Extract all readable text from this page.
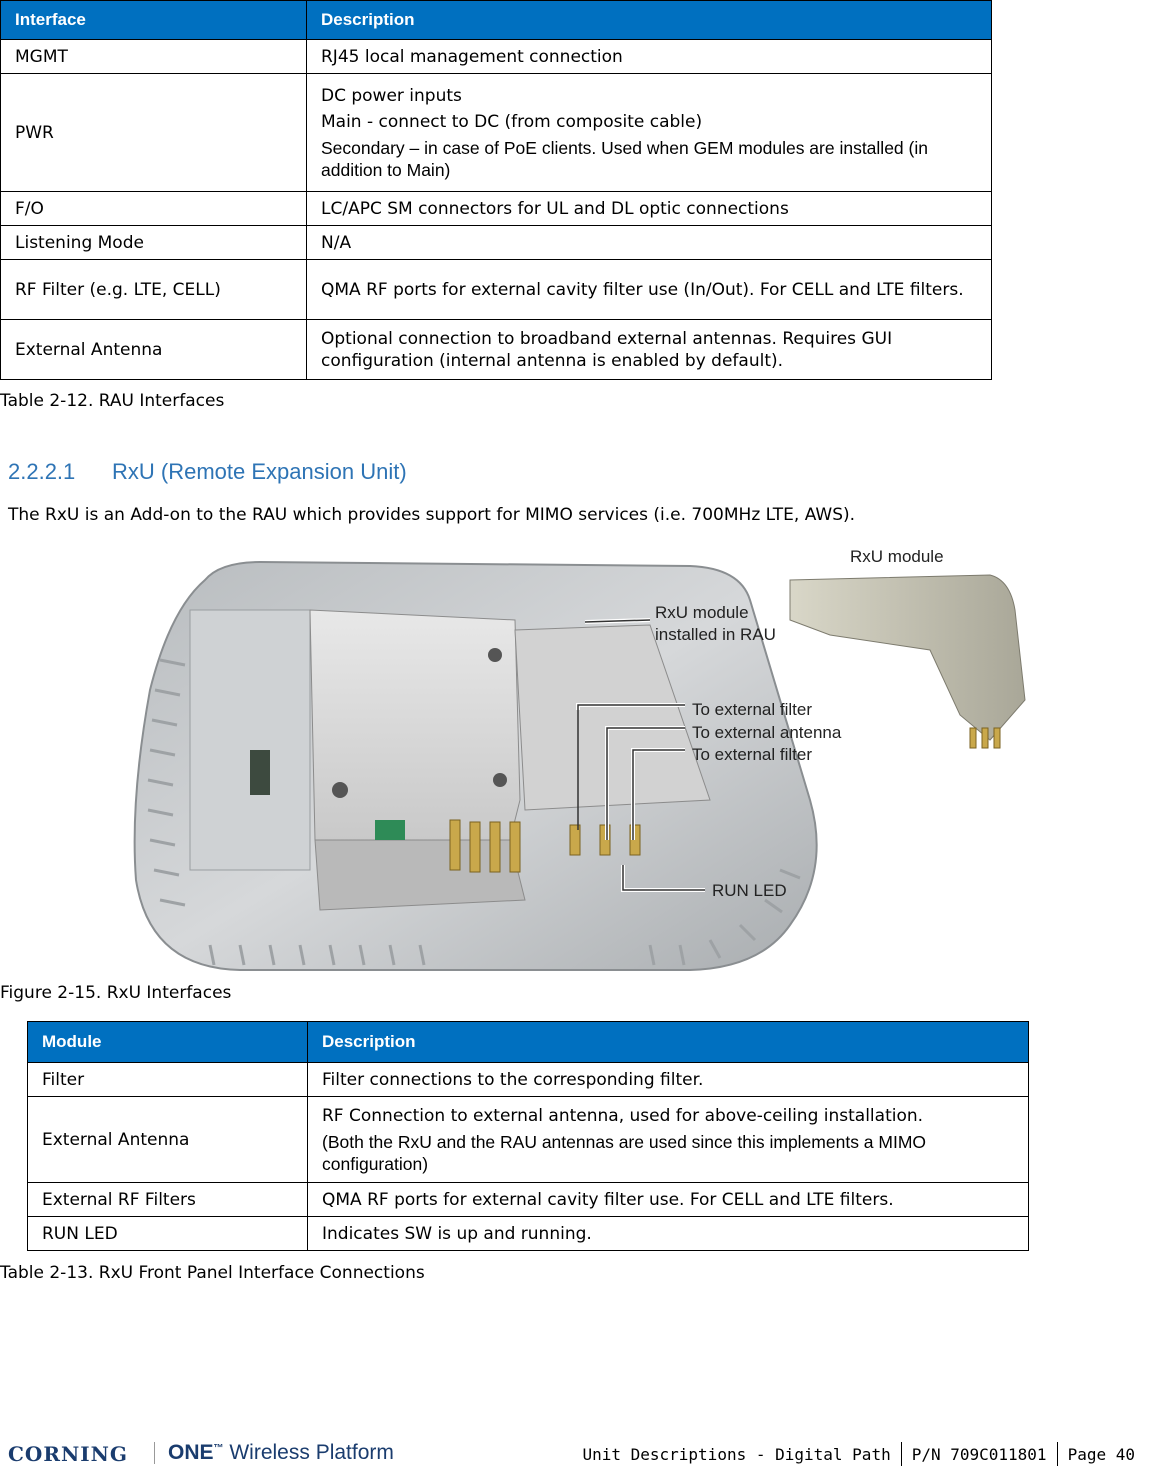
Interface	Description
MGMT	RJ45 local management connection
PWR	DC power inputs

Main - connect to DC (from composite cable)

Secondary – in case of PoE clients. Used when GEM modules are installed (in addition to Main)

F/O	LC/APC SM connectors for UL and DL optic connections
Listening Mode	N/A
RF Filter (e.g. LTE, CELL)	QMA RF ports for external cavity filter use (In/Out). For CELL and LTE filters.
External Antenna	Optional connection to broadband external antennas. Requires GUI configuration (internal antenna is enabled by default).
Table 2-12. RAU Interfaces
2.2.2.1 RxU (Remote Expansion Unit)
The RxU is an Add-on to the RAU which provides support for MIMO services (i.e. 700MHz LTE, AWS).
RxU module
RxU module
installed in RAU
To external filter
To external antenna
To external filter
RUN LED
Figure 2-15. RxU Interfaces
Module	Description
Filter	Filter connections to the corresponding filter.
External Antenna	RF Connection to external antenna, used for above-ceiling installation.

(Both the RxU and the RAU antennas are used since this implements a MIMO configuration)

External RF Filters	QMA RF ports for external cavity filter use. For CELL and LTE filters.
RUN LED	Indicates SW is up and running.
Table 2-13. RxU Front Panel Interface Connections
CORNING ONE™ Wireless Platform	Unit Descriptions - Digital Path	P/N 709C011801	Page 40
